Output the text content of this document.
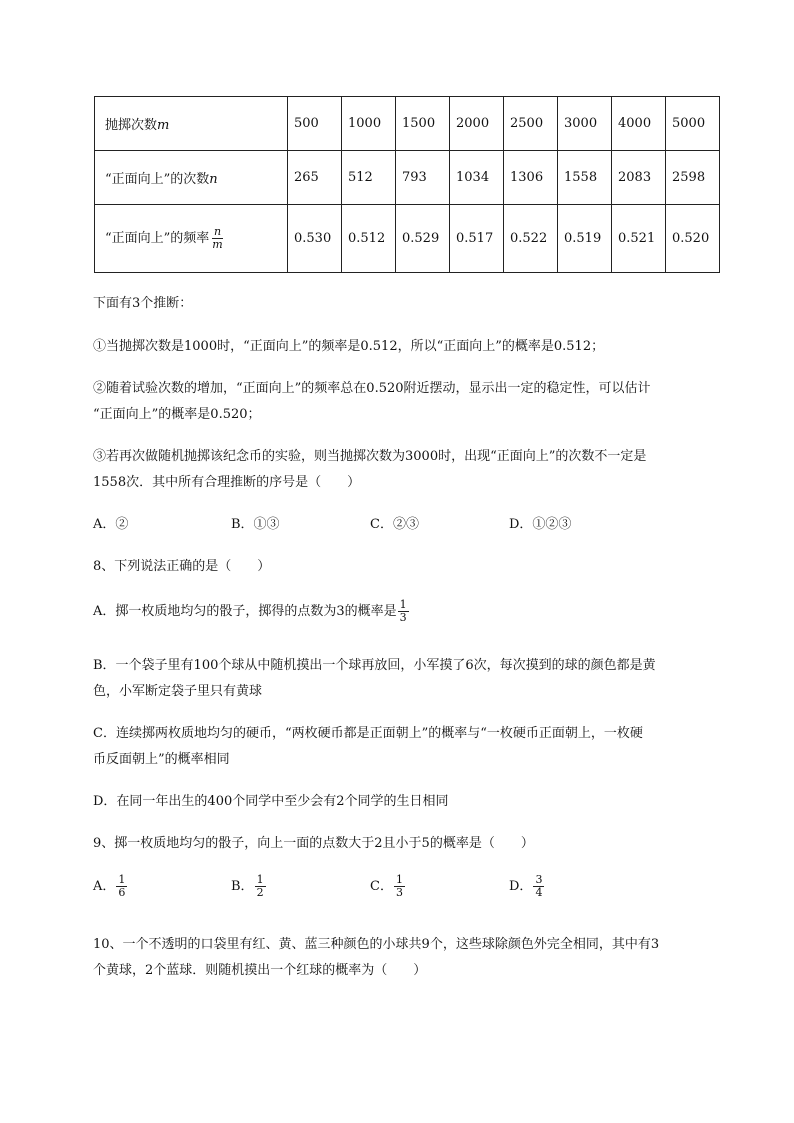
抛掷次数m	500	1000	1500	2000	2500	3000	4000	5000
“正面向上”的次数n	265	512	793	1034	1306	1558	2083	2598
“正面向上”的频率 $\frac{n}{m}$	0.530	0.512	0.529	0.517	0.522	0.519	0.521	0.520
下面有3个推断：
①当抛掷次数是1000时，“正面向上”的频率是0.512，所以“正面向上”的概率是0.512；
②随着试验次数的增加，“正面向上”的频率总在0.520附近摆动，显示出一定的稳定性，可以估计
“正面向上”的概率是0.520；
③若再次做随机抛掷该纪念币的实验，则当抛掷次数为3000时，出现“正面向上”的次数不一定是
1558次．其中所有合理推断的序号是（　　）
A．②	B．①③	C．②③	D．①②③
8、下列说法正确的是（　　）
A．掷一枚质地均匀的骰子，掷得的点数为3的概率是 $\frac{1}{3}$
B．一个袋子里有100个球从中随机摸出一个球再放回，小军摸了6次，每次摸到的球的颜色都是黄
色，小军断定袋子里只有黄球
C．连续掷两枚质地均匀的硬币，“两枚硬币都是正面朝上”的概率与“一枚硬币正面朝上，一枚硬
币反面朝上”的概率相同
D．在同一年出生的400个同学中至少会有2个同学的生日相同
9、掷一枚质地均匀的骰子，向上一面的点数大于2且小于5的概率是（　　）
A． $\frac{1}{6}$	B． $\frac{1}{2}$	C． $\frac{1}{3}$	D． $\frac{3}{4}$
10、一个不透明的口袋里有红、黄、蓝三种颜色的小球共9个，这些球除颜色外完全相同，其中有3
个黄球，2个蓝球．则随机摸出一个红球的概率为（　　）
